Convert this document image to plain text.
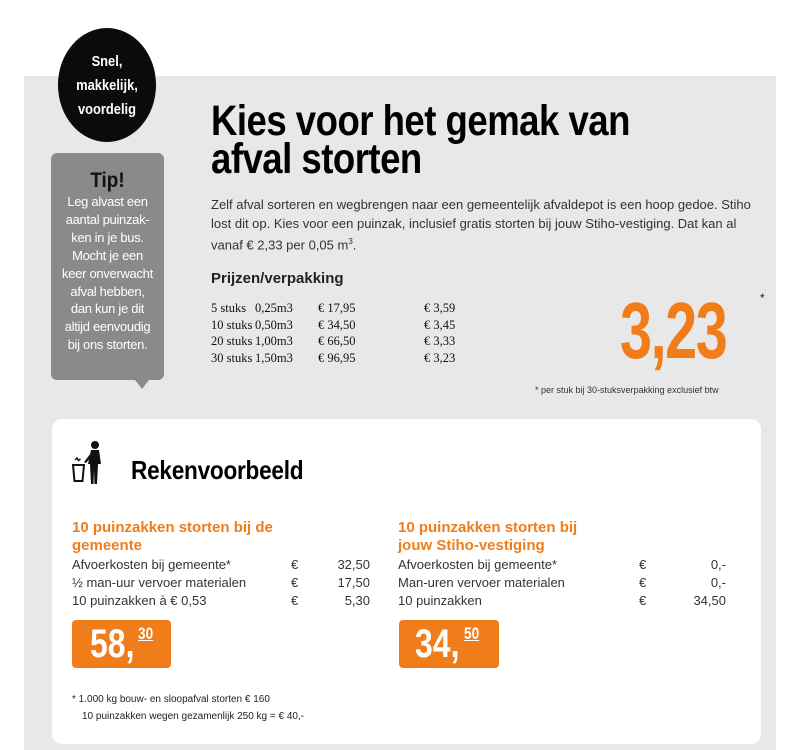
Snel,
makkelijk,
voordelig
Tip!

Leg alvast een
aantal puinzak-
ken in je bus.
Mocht je een
keer onverwacht
afval hebben,
dan kun je dit
altijd eenvoudig
bij ons storten.

Kies voor het gemak van
afval storten

Zelf afval sorteren en wegbrengen naar een gemeentelijk afvaldepot is een hoop gedoe. Stiho lost dit op. Kies voor een puinzak, inclusief gratis storten bij jouw Stiho-vestiging. Dat kan al vanaf € 2,33 per 0,05 $m^3$.

Prijzen/verpakking
5 stuks	0,25m3	€ 17,95	€ 3,59
10 stuks	0,50m3	€ 34,50	€ 3,45
20 stuks	1,00m3	€ 66,50	€ 3,33
30 stuks	1,50m3	€ 96,95	€ 3,23 3,23	*
* per stuk bij 30-stuksverpakking exclusief btw
Rekenvoorbeeld
10 puinzakken storten bij de
gemeente
Afvoerkosten bij gemeente*	€	32,50
½ man-uur vervoer materialen	€	17,50
10 puinzakken à € 0,53	€	5,30
58, 30
10 puinzakken storten bij
jouw Stiho-vestiging
Afvoerkosten bij gemeente*	€	0,-
Man-uren vervoer materialen	€	0,-
10 puinzakken	€	34,50
34, 50
* 1.000 kg bouw- en sloopafval storten € 160
10 puinzakken wegen gezamenlijk 250 kg = € 40,-
